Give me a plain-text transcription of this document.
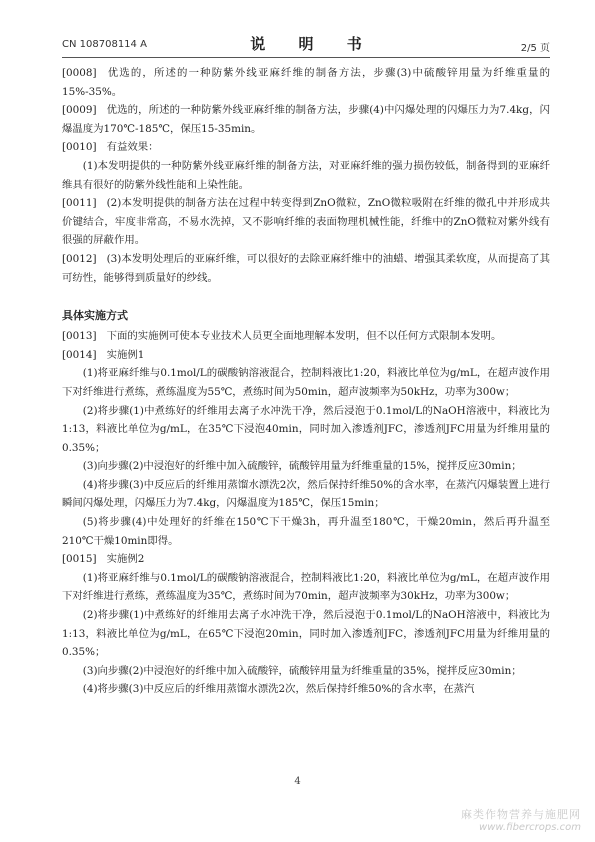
CN 108708114 A	说 明 书	2/5 页

[0008] 优选的，所述的一种防紫外线亚麻纤维的制备方法，步骤(3)中硫酸锌用量为纤维重量的15%-35%。

[0009] 优选的，所述的一种防紫外线亚麻纤维的制备方法，步骤(4)中闪爆处理的闪爆压力为7.4kg，闪爆温度为170℃-185℃，保压15-35min。

[0010] 有益效果：

(1)本发明提供的一种防紫外线亚麻纤维的制备方法，对亚麻纤维的强力损伤较低，制备得到的亚麻纤维具有很好的防紫外线性能和上染性能。

[0011] (2)本发明提供的制备方法在过程中转变得到ZnO微粒，ZnO微粒吸附在纤维的微孔中并形成共价键结合，牢度非常高，不易水洗掉，又不影响纤维的表面物理机械性能，纤维中的ZnO微粒对紫外线有很强的屏蔽作用。

[0012] (3)本发明处理后的亚麻纤维，可以很好的去除亚麻纤维中的油蜡、增强其柔软度，从而提高了其可纺性，能够得到质量好的纱线。

具体实施方式

[0013] 下面的实施例可使本专业技术人员更全面地理解本发明，但不以任何方式限制本发明。

[0014] 实施例1

(1)将亚麻纤维与0.1mol/L的碳酸钠溶液混合，控制料液比1:20，料液比单位为g/mL，在超声波作用下对纤维进行煮练，煮练温度为55℃，煮练时间为50min，超声波频率为50kHz，功率为300w；

(2)将步骤(1)中煮练好的纤维用去离子水冲洗干净，然后浸泡于0.1mol/L的NaOH溶液中，料液比为1:13，料液比单位为g/mL，在35℃下浸泡40min，同时加入渗透剂JFC，渗透剂JFC用量为纤维用量的0.35%；

(3)向步骤(2)中浸泡好的纤维中加入硫酸锌，硫酸锌用量为纤维重量的15%，搅拌反应30min；

(4)将步骤(3)中反应后的纤维用蒸馏水漂洗2次，然后保持纤维50%的含水率，在蒸汽闪爆装置上进行瞬间闪爆处理，闪爆压力为7.4kg，闪爆温度为185℃，保压15min；

(5)将步骤(4)中处理好的纤维在150℃下干燥3h，再升温至180℃，干燥20min，然后再升温至210℃干燥10min即得。

[0015] 实施例2

(1)将亚麻纤维与0.1mol/L的碳酸钠溶液混合，控制料液比1:20，料液比单位为g/mL，在超声波作用下对纤维进行煮练，煮练温度为35℃，煮练时间为70min，超声波频率为30kHz，功率为300w；

(2)将步骤(1)中煮练好的纤维用去离子水冲洗干净，然后浸泡于0.1mol/L的NaOH溶液中，料液比为1:13，料液比单位为g/mL，在65℃下浸泡20min，同时加入渗透剂JFC，渗透剂JFC用量为纤维用量的0.35%；

(3)向步骤(2)中浸泡好的纤维中加入硫酸锌，硫酸锌用量为纤维重量的35%，搅拌反应30min；

(4)将步骤(3)中反应后的纤维用蒸馏水漂洗2次，然后保持纤维50%的含水率，在蒸汽

4
麻类作物营养与施肥网
www.fibercrops.com
